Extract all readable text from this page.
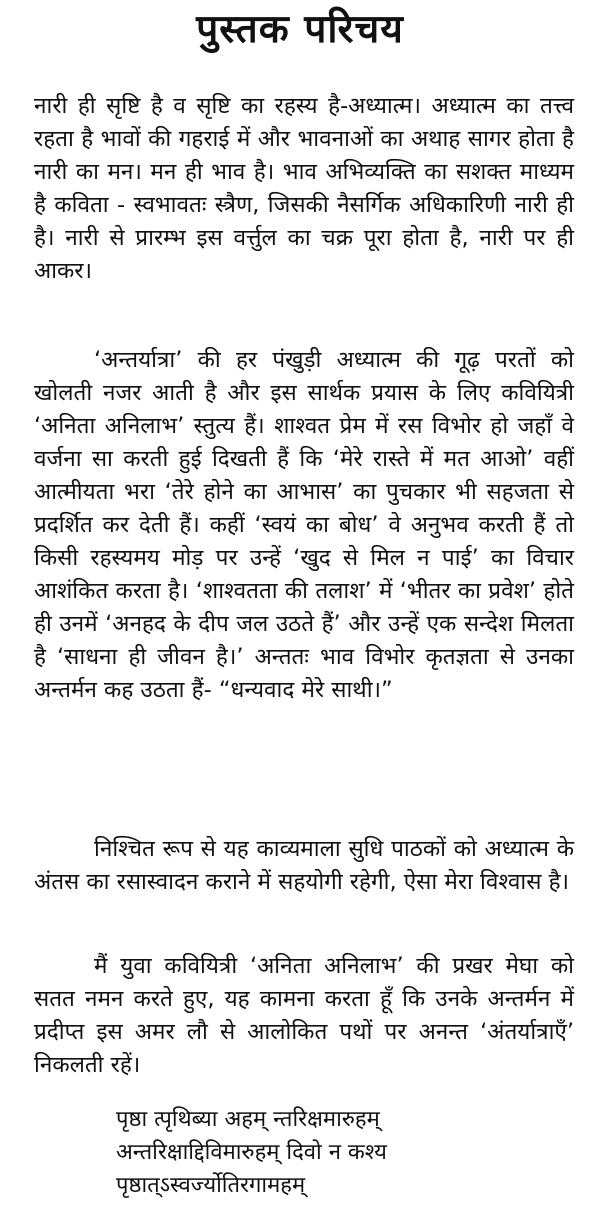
पुस्तक परिचय

नारी ही सृष्टि है व सृष्टि का रहस्य है-अध्यात्म। अध्यात्म का तत्त्व रहता है भावों की गहराई में और भावनाओं का अथाह सागर होता है नारी का मन। मन ही भाव है। भाव अभिव्यक्ति का सशक्त माध्यम है कविता - स्वभावतः स्त्रैण, जिसकी नैसर्गिक अधिकारिणी नारी ही है। नारी से प्रारम्भ इस वर्त्तुल का चक्र पूरा होता है, नारी पर ही आकर।

‘अन्तर्यात्रा’ की हर पंखुड़ी अध्यात्म की गूढ़ परतों को खोलती नजर आती है और इस सार्थक प्रयास के लिए कवियित्री ‘अनिता अनिलाभ’ स्तुत्य हैं। शाश्वत प्रेम में रस विभोर हो जहाँ वे वर्जना सा करती हुई दिखती हैं कि ‘मेरे रास्ते में मत आओ’ वहीं आत्मीयता भरा ‘तेरे होने का आभास’ का पुचकार भी सहजता से प्रदर्शित कर देती हैं। कहीं ‘स्वयं का बोध’ वे अनुभव करती हैं तो किसी रहस्यमय मोड़ पर उन्हें ‘खुद से मिल न पाई’ का विचार आशंकित करता है। ‘शाश्वतता की तलाश’ में ‘भीतर का प्रवेश’ होते ही उनमें ‘अनहद के दीप जल उठते हैं’ और उन्हें एक सन्देश मिलता है ‘साधना ही जीवन है।’ अन्ततः भाव विभोर कृतज्ञता से उनका अन्तर्मन कह उठता हैं- “धन्यवाद मेरे साथी।”

निश्चित रूप से यह काव्यमाला सुधि पाठकों को अध्यात्म के अंतस का रसास्वादन कराने में सहयोगी रहेगी, ऐसा मेरा विश्वास है।

मैं युवा कवियित्री ‘अनिता अनिलाभ’ की प्रखर मेघा को सतत नमन करते हुए, यह कामना करता हूँ कि उनके अन्तर्मन में प्रदीप्त इस अमर लौ से आलोकित पथों पर अनन्त ‘अंतर्यात्राएँ’ निकलती रहें।

पृष्ठा त्पृथिब्या अहम् न्तरिक्षमारुहम्
अन्तरिक्षाद्दिविमारुहम् दिवो न कश्य
पृष्ठात्ऽस्वर्ज्योतिरगामहम्
